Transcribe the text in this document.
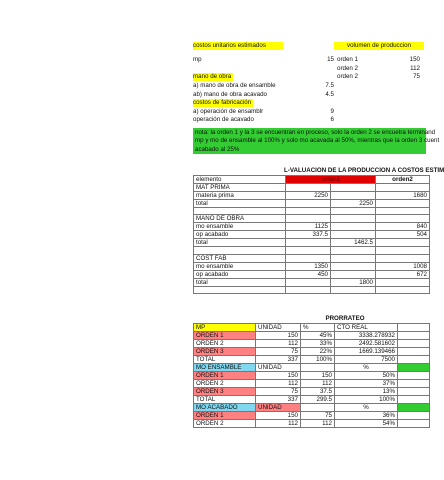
costos unitarios estimados	volumen de produccion
mp	15 orden 1	150
orden 2	112
orden 2	75
mano de obra
a) mano de obra de ensamble	7.5
ab) mano de obra acavado	4.5
costos de fabricación
a) operación de ensamblr	9
operación de acavado	6
nota: la orden 1 y la 3 se encuentran en proceso, solo la orden 2 se encuetra terminand
mp y mo de ensamble al 100% y solo mo acavada al 50%, mientras que la orden 3 cuent
acabado al 25%
L-VALUACION DE LA PRODUCCION A COSTOS ESTIM
elemento	orden1		orden2
MAT PRIMA			
materia prima	2250		1680
total		2250	

MANO DE OBRA			
mo ensamble	1125		840
op acabado	337.5		504
total		1462.5	

COST FAB			
mo ensamble	1350		1008
op acabado	450		672
total		1800	

PRORRATEO
MP	UNIDAD	%	CTO REAL	
ORDEN 1	150	45%	3338.278932	
ORDEN 2	112	33%	2492.581602	
ORDEN 3	75	22%	1669.139466	
TOTAL	337	100%	7500	
MO ENSAMBLE	UNIDAD		%	
ORDEN 1	150	150	50%	
ORDEN 2	112	112	37%	
ORDEN 3	75	37.5	13%	
TOTAL	337	299.5	100%	
MO ACABADO	UNIDAD		%	
ORDEN 1	150	75	36%	
ORDEN 2	112	112	54%	
